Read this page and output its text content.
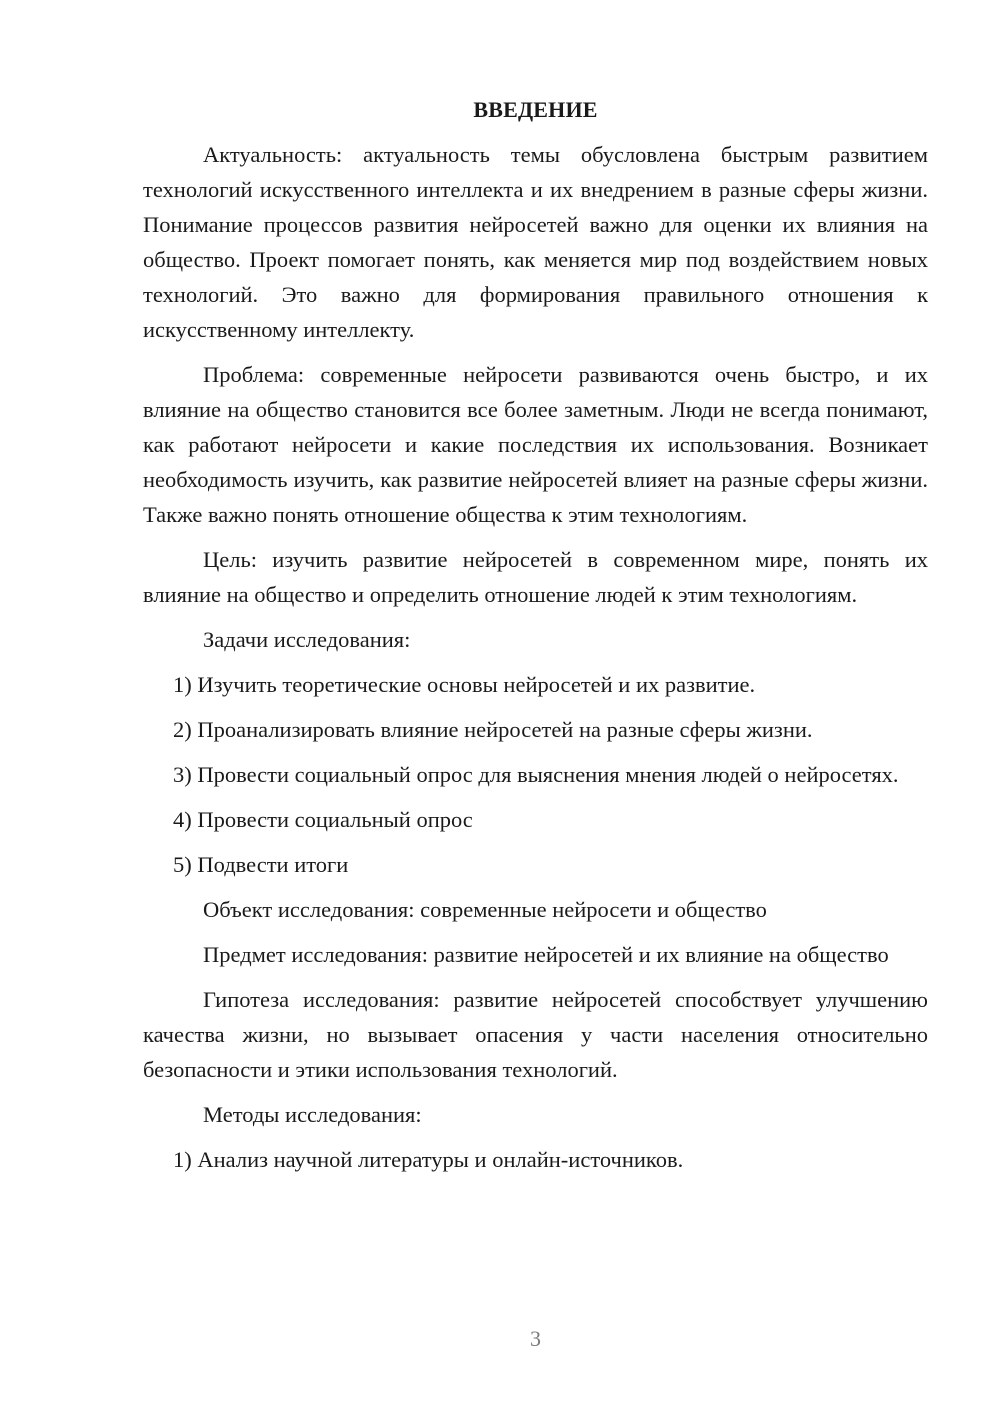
ВВЕДЕНИЕ
Актуальность: актуальность темы обусловлена быстрым развитием технологий искусственного интеллекта и их внедрением в разные сферы жизни. Понимание процессов развития нейросетей важно для оценки их влияния на общество. Проект помогает понять, как меняется мир под воздействием новых технологий. Это важно для формирования правильного отношения к искусственному интеллекту.
Проблема: современные нейросети развиваются очень быстро, и их влияние на общество становится все более заметным. Люди не всегда понимают, как работают нейросети и какие последствия их использования. Возникает необходимость изучить, как развитие нейросетей влияет на разные сферы жизни. Также важно понять отношение общества к этим технологиям.
Цель: изучить развитие нейросетей в современном мире, понять их влияние на общество и определить отношение людей к этим технологиям.
Задачи исследования:
1) Изучить теоретические основы нейросетей и их развитие.
2) Проанализировать влияние нейросетей на разные сферы жизни.
3) Провести социальный опрос для выяснения мнения людей о нейросетях.
4) Провести социальный опрос
5) Подвести итоги
Объект исследования: современные нейросети и общество
Предмет исследования: развитие нейросетей и их влияние на общество
Гипотеза исследования: развитие нейросетей способствует улучшению качества жизни, но вызывает опасения у части населения относительно безопасности и этики использования технологий.
Методы исследования:
1) Анализ научной литературы и онлайн-источников.
3
